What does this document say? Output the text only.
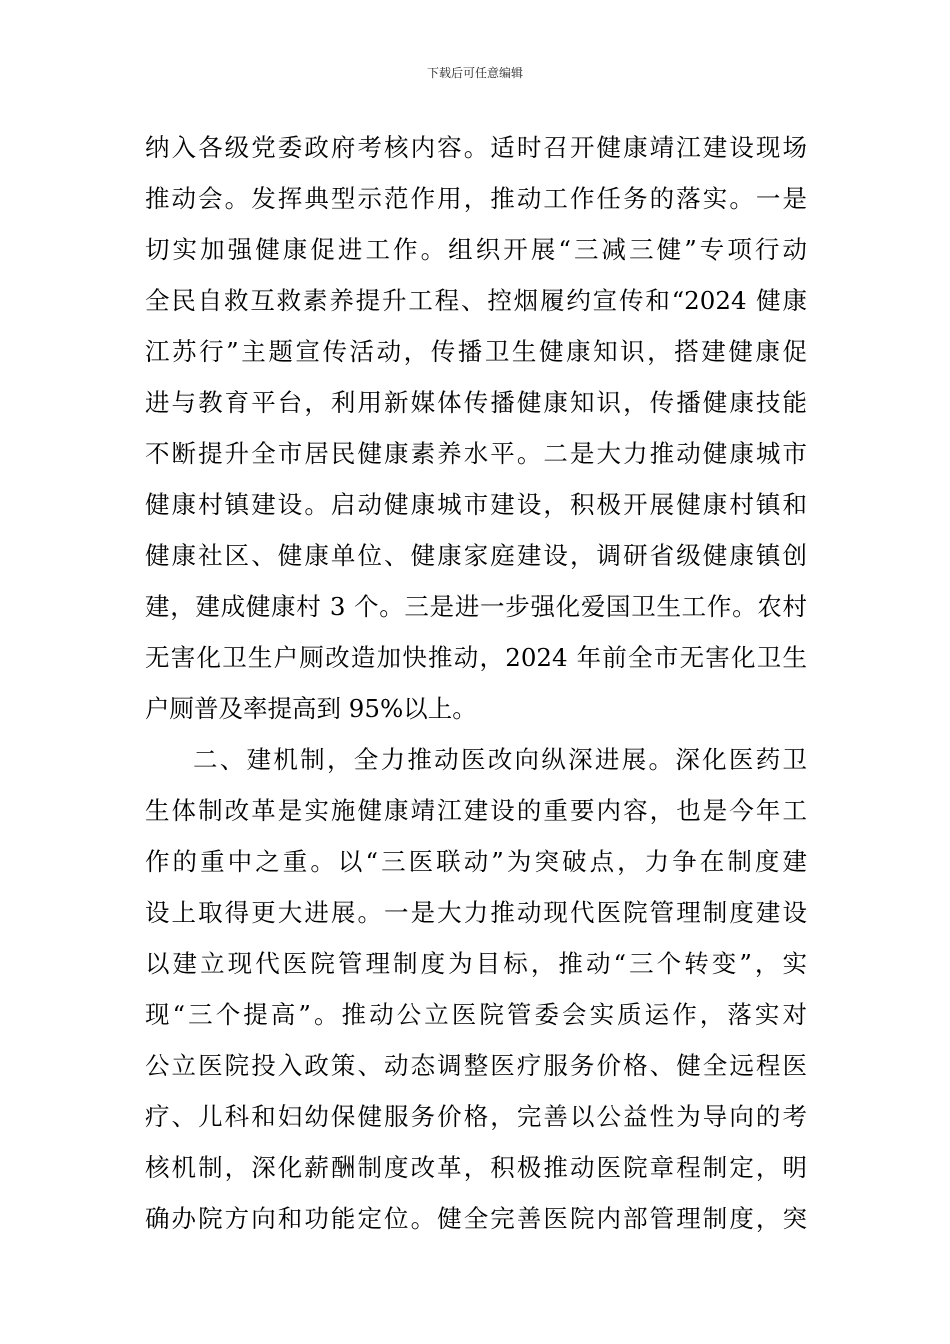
下载后可任意编辑
纳入各级党委政府考核内容。适时召开健康靖江建设现场
推动会。发挥典型示范作用，推动工作任务的落实。一是
切实加强健康促进工作。组织开展“三减三健”专项行动
全民自救互救素养提升工程、控烟履约宣传和“2024 健康
江苏行”主题宣传活动，传播卫生健康知识，搭建健康促
进与教育平台，利用新媒体传播健康知识，传播健康技能
不断提升全市居民健康素养水平。二是大力推动健康城市
健康村镇建设。启动健康城市建设，积极开展健康村镇和
健康社区、健康单位、健康家庭建设，调研省级健康镇创
建，建成健康村 3 个。三是进一步强化爱国卫生工作。农村
无害化卫生户厕改造加快推动，2024 年前全市无害化卫生
户厕普及率提高到 95%以上。
二、建机制，全力推动医改向纵深进展。深化医药卫
生体制改革是实施健康靖江建设的重要内容，也是今年工
作的重中之重。以“三医联动”为突破点，力争在制度建
设上取得更大进展。一是大力推动现代医院管理制度建设
以建立现代医院管理制度为目标，推动“三个转变”，实
现“三个提高”。推动公立医院管委会实质运作，落实对
公立医院投入政策、动态调整医疗服务价格、健全远程医
疗、儿科和妇幼保健服务价格，完善以公益性为导向的考
核机制，深化薪酬制度改革，积极推动医院章程制定，明
确办院方向和功能定位。健全完善医院内部管理制度，突
